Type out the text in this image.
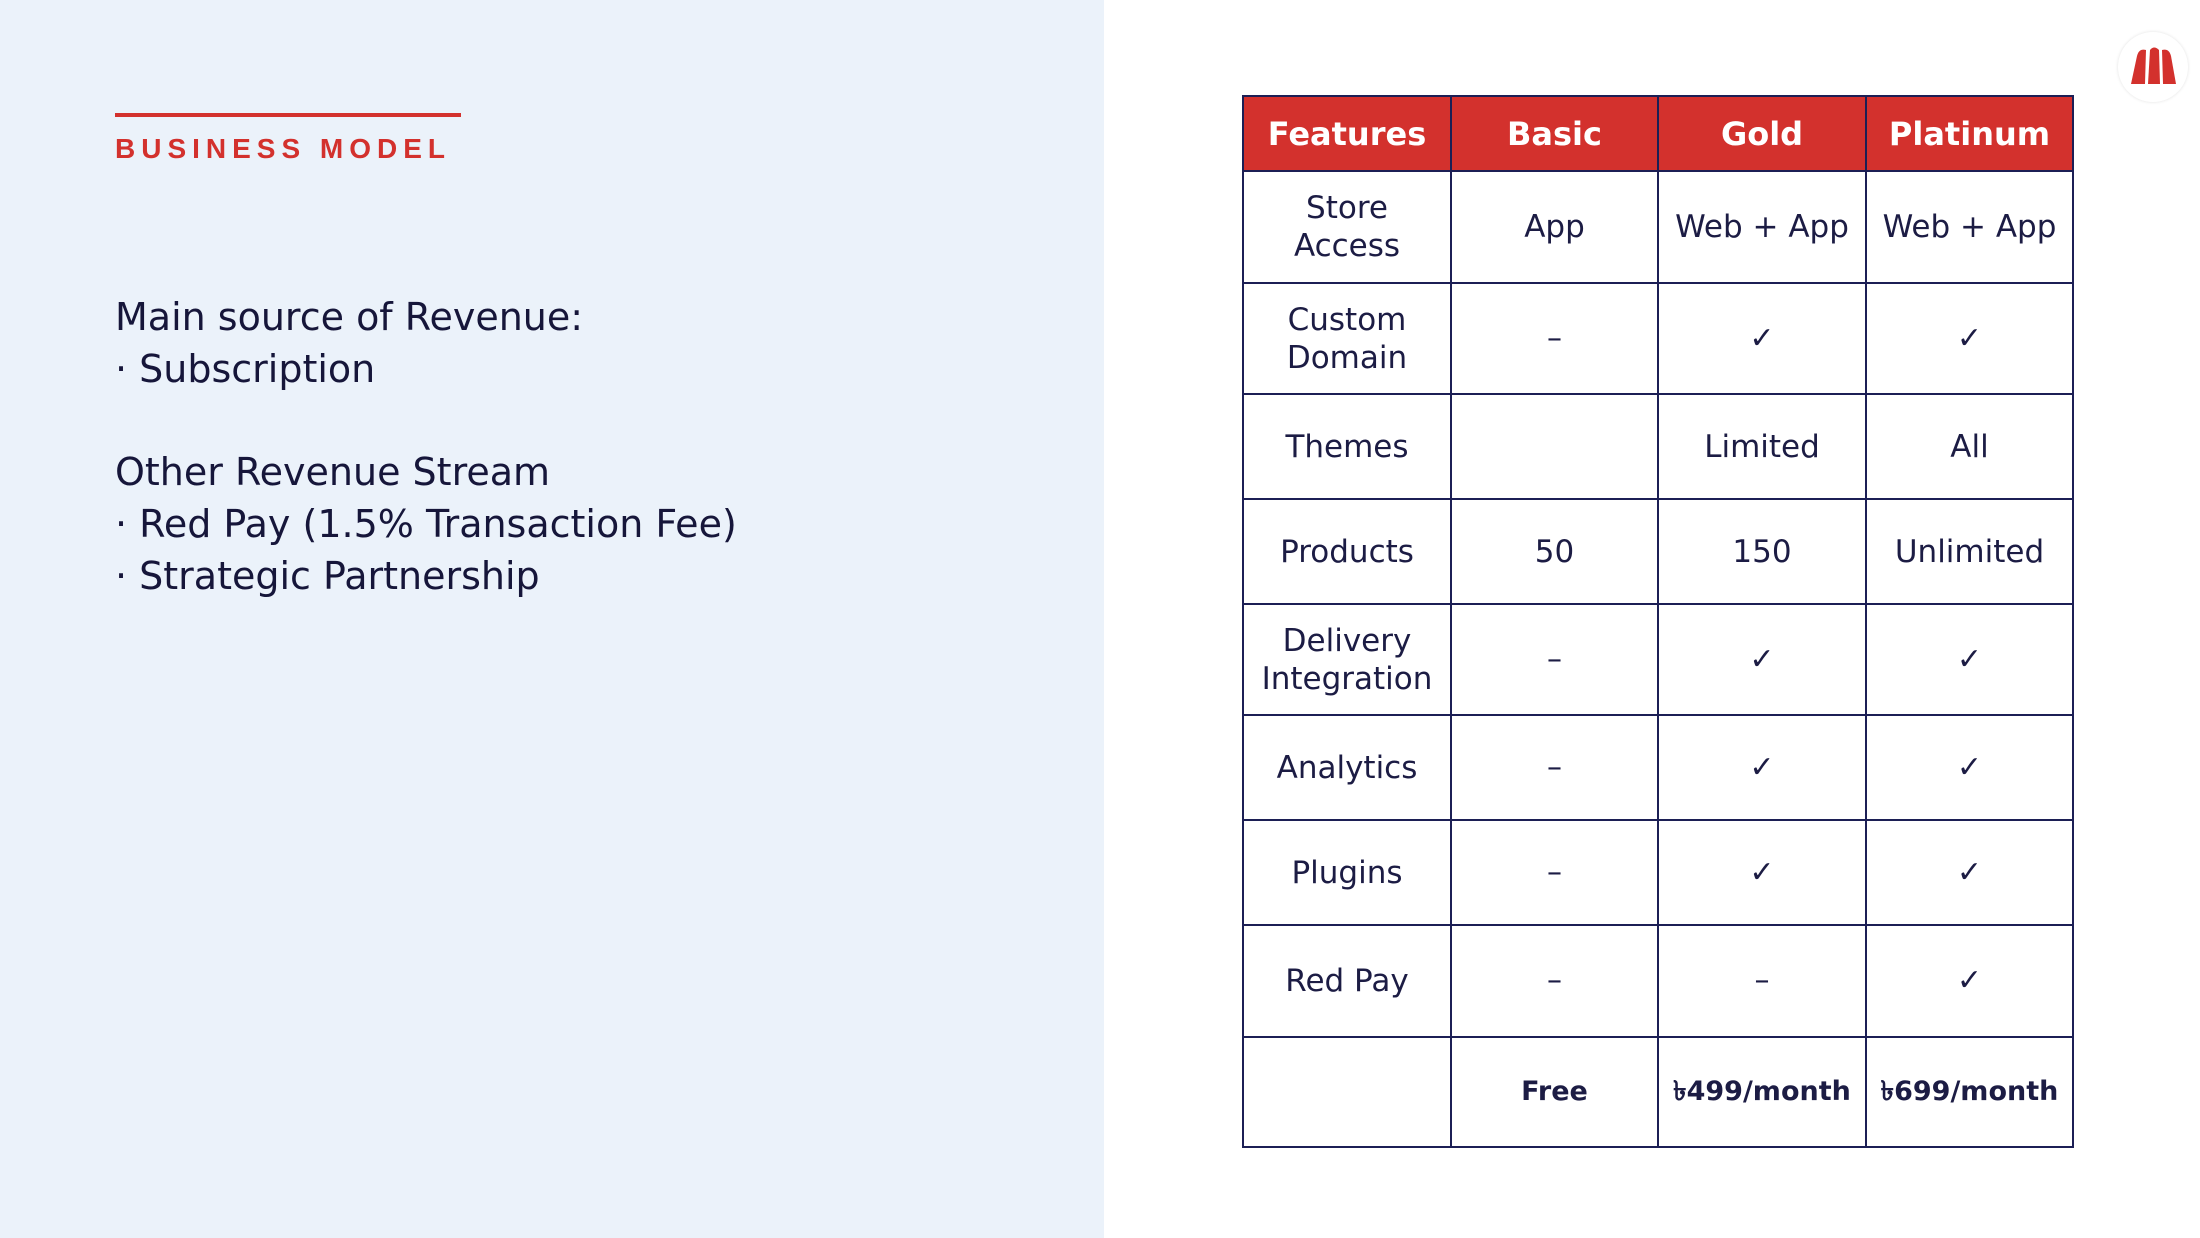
BUSINESS MODEL
Main source of Revenue:
· Subscription
Other Revenue Stream
· Red Pay (1.5% Transaction Fee)
· Strategic Partnership
Features	Basic	Gold	Platinum
Store Access	App	Web + App	Web + App
Custom Domain	–	✓	✓
Themes		Limited	All
Products	50	150	Unlimited
Delivery Integration	–	✓	✓
Analytics	–	✓	✓
Plugins	–	✓	✓
Red Pay	–	–	✓
	Free	৳499/month	৳699/month
